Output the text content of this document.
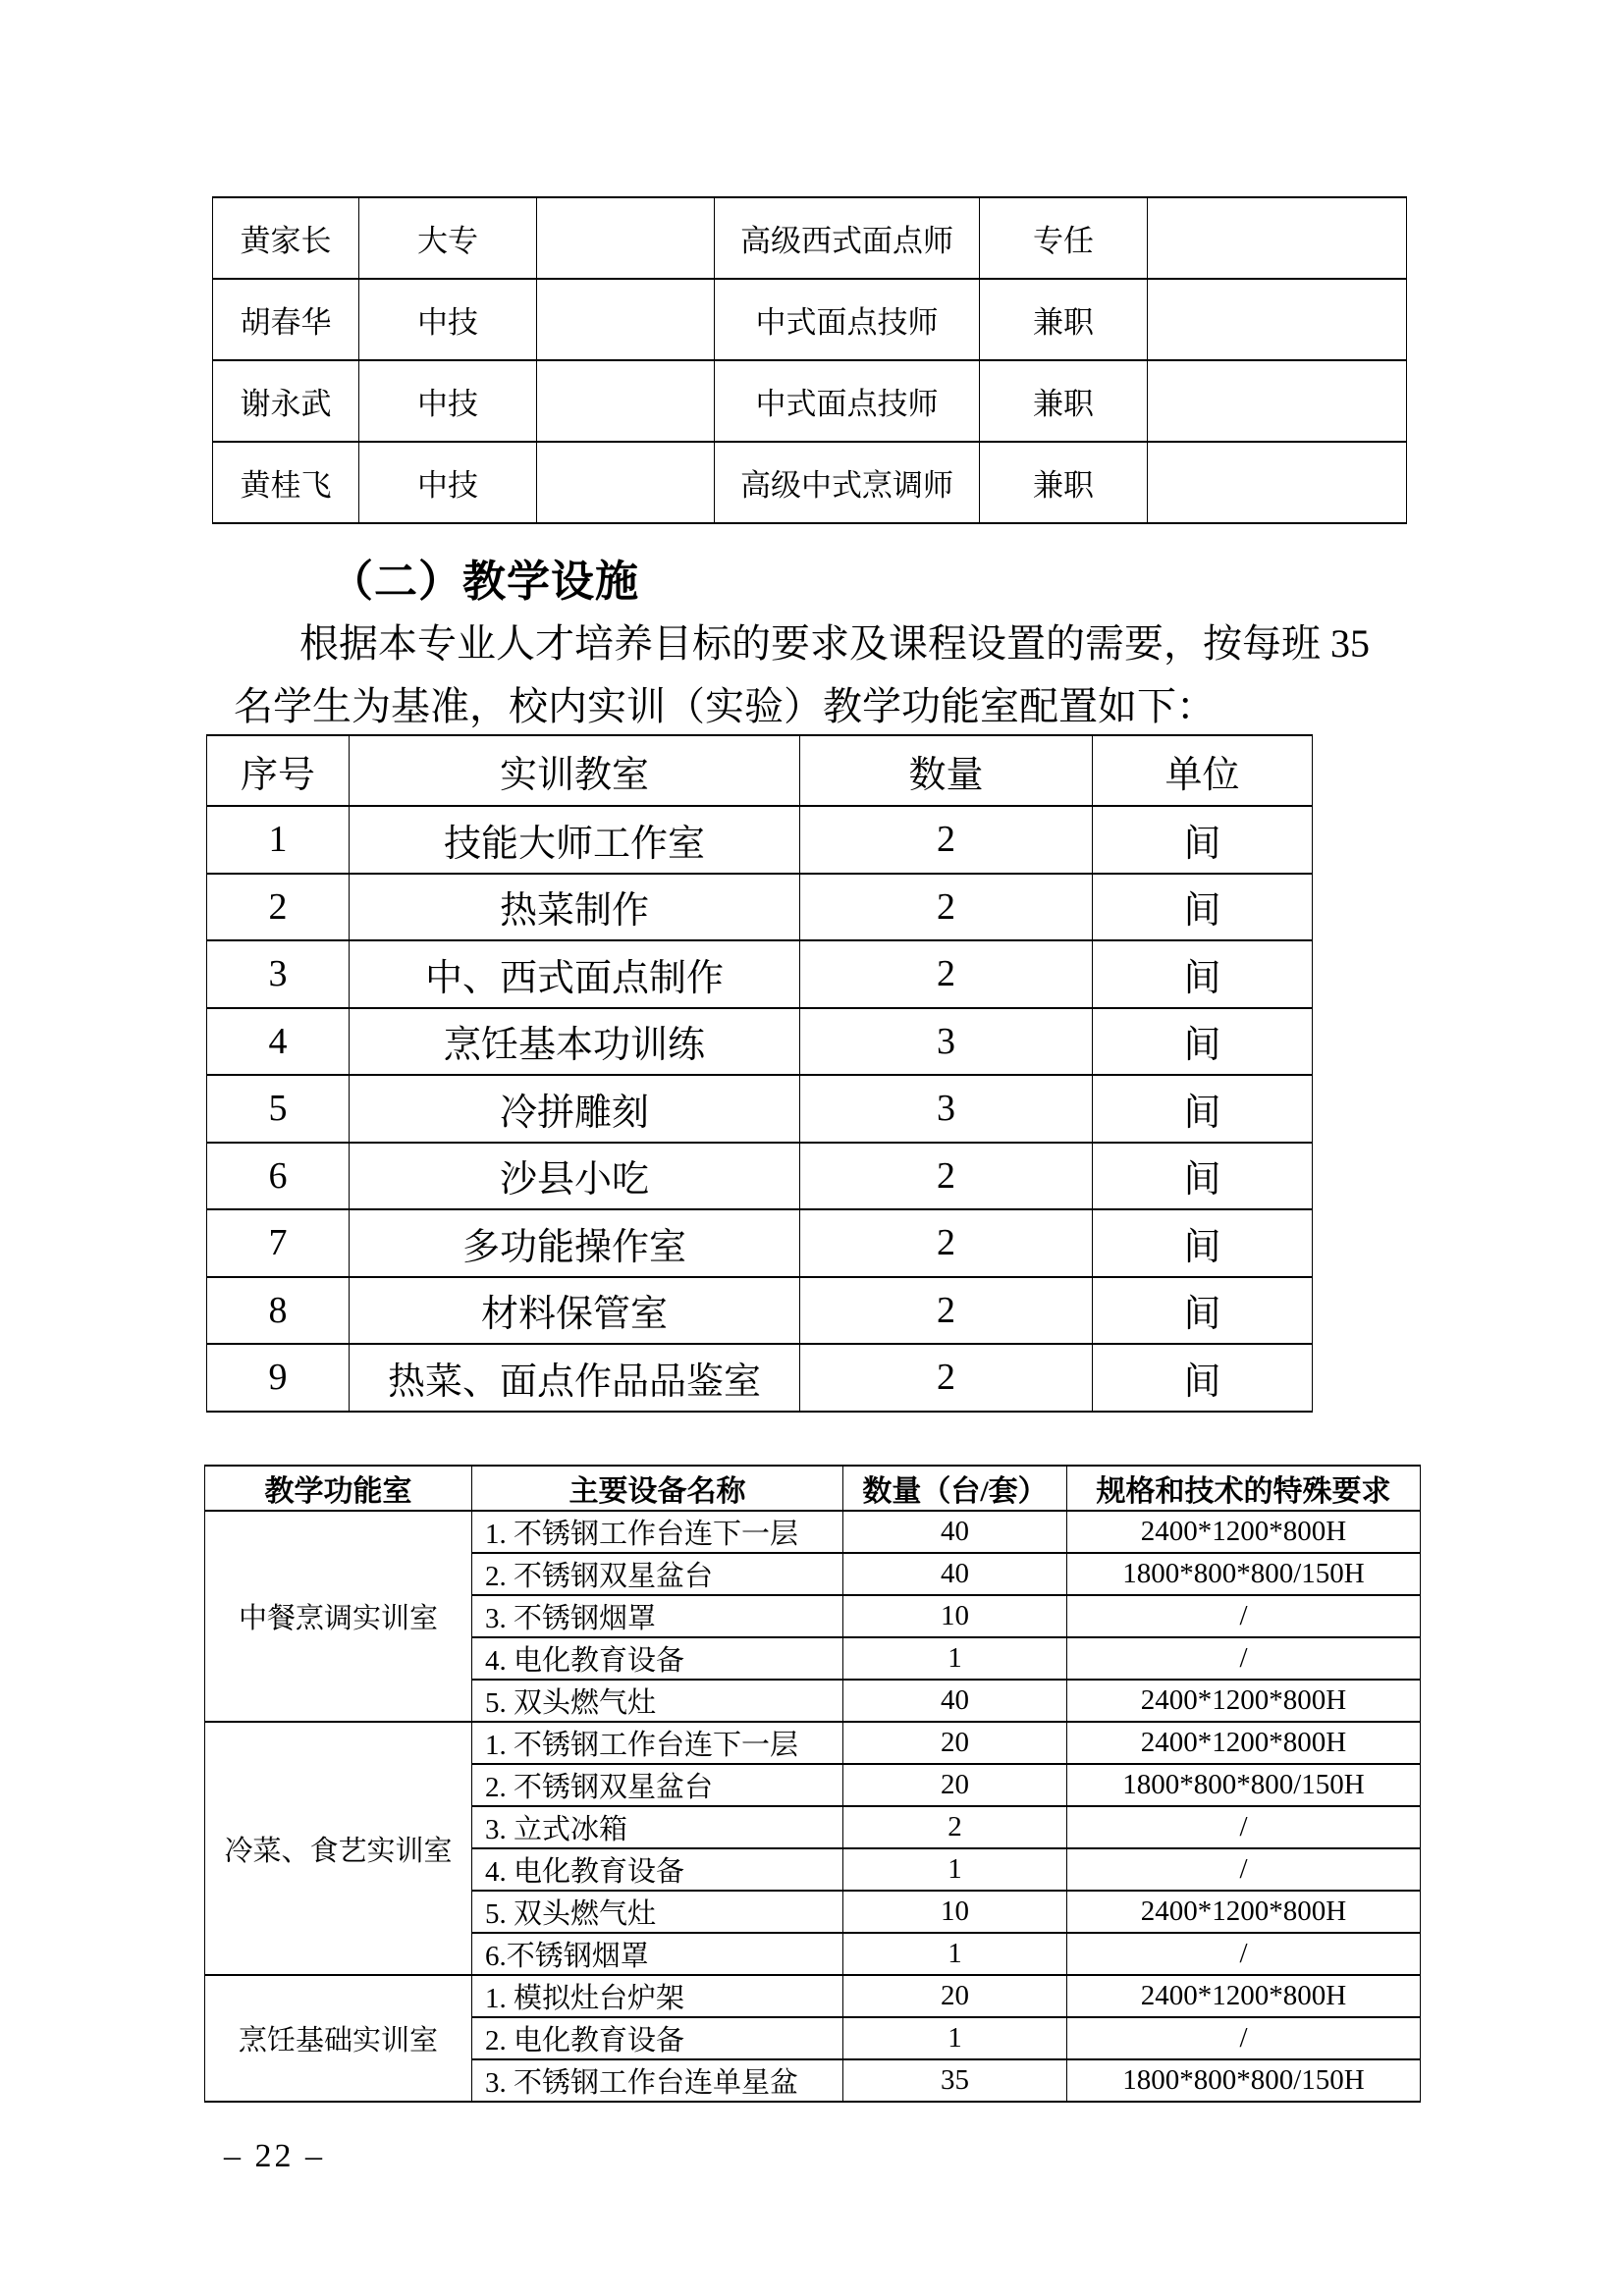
黄家长	大专		高级西式面点师	专任	
胡春华	中技		中式面点技师	兼职	
谢永武	中技		中式面点技师	兼职	
黄桂飞	中技		高级中式烹调师	兼职	
（二）教学设施
根据本专业人才培养目标的要求及课程设置的需要，按每班 35
名学生为基准，校内实训（实验）教学功能室配置如下：
序号	实训教室	数量	单位
1	技能大师工作室	2	间
2	热菜制作	2	间
3	中、西式面点制作	2	间
4	烹饪基本功训练	3	间
5	冷拼雕刻	3	间
6	沙县小吃	2	间
7	多功能操作室	2	间
8	材料保管室	2	间
9	热菜、面点作品品鉴室	2	间
教学功能室	主要设备名称	数量（台/套）	规格和技术的特殊要求
中餐烹调实训室	1. 不锈钢工作台连下一层	40	2400*1200*800H
	2. 不锈钢双星盆台	40	1800*800*800/150H
	3. 不锈钢烟罩	10	/
	4. 电化教育设备	1	/
	5. 双头燃气灶	40	2400*1200*800H
冷菜、食艺实训室	1. 不锈钢工作台连下一层	20	2400*1200*800H
	2. 不锈钢双星盆台	20	1800*800*800/150H
	3. 立式冰箱	2	/
	4. 电化教育设备	1	/
	5. 双头燃气灶	10	2400*1200*800H
	6.不锈钢烟罩	1	/
烹饪基础实训室	1. 模拟灶台炉架	20	2400*1200*800H
	2. 电化教育设备	1	/
	3. 不锈钢工作台连单星盆	35	1800*800*800/150H
– 22 –
